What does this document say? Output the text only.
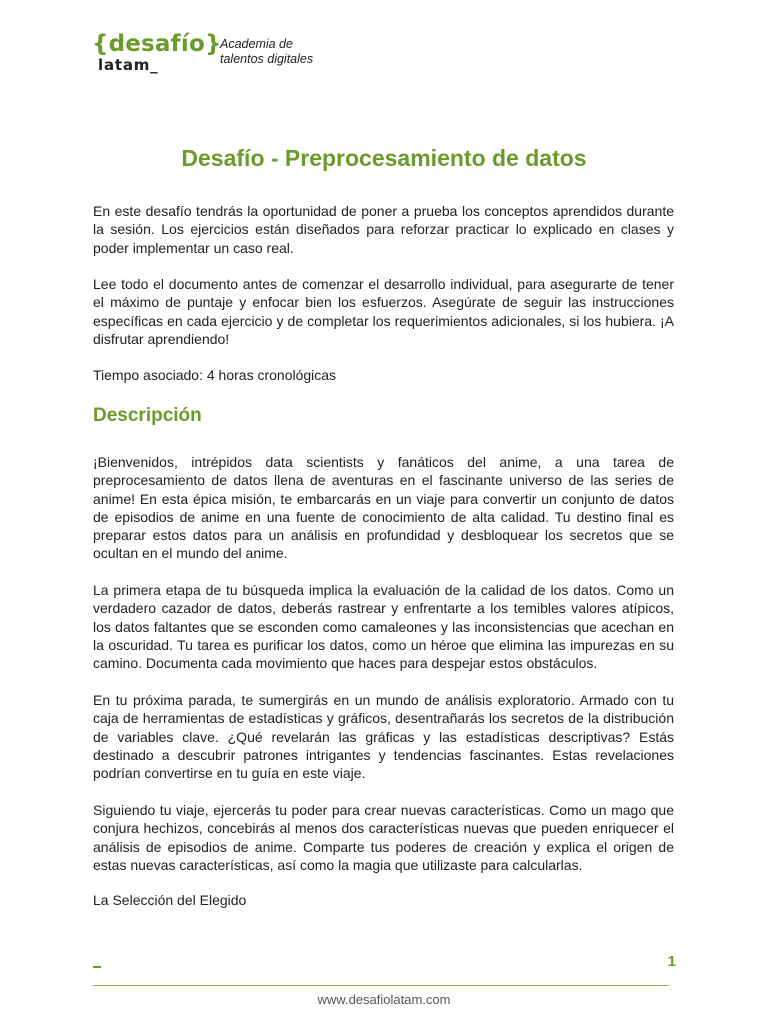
{desafío}
latam_
Academia de
talentos digitales
Desafío - Preprocesamiento de datos

En este desafío tendrás la oportunidad de poner a prueba los conceptos aprendidos durante la sesión. Los ejercicios están diseñados para reforzar practicar lo explicado en clases y poder implementar un caso real.

Lee todo el documento antes de comenzar el desarrollo individual, para asegurarte de tener el máximo de puntaje y enfocar bien los esfuerzos. Asegúrate de seguir las instrucciones específicas en cada ejercicio y de completar los requerimientos adicionales, si los hubiera. ¡A disfrutar aprendiendo!

Tiempo asociado: 4 horas cronológicas

Descripción

¡Bienvenidos, intrépidos data scientists y fanáticos del anime, a una tarea de preprocesamiento de datos llena de aventuras en el fascinante universo de las series de anime! En esta épica misión, te embarcarás en un viaje para convertir un conjunto de datos de episodios de anime en una fuente de conocimiento de alta calidad. Tu destino final es preparar estos datos para un análisis en profundidad y desbloquear los secretos que se ocultan en el mundo del anime.

La primera etapa de tu búsqueda implica la evaluación de la calidad de los datos. Como un verdadero cazador de datos, deberás rastrear y enfrentarte a los temibles valores atípicos, los datos faltantes que se esconden como camaleones y las inconsistencias que acechan en la oscuridad. Tu tarea es purificar los datos, como un héroe que elimina las impurezas en su camino. Documenta cada movimiento que haces para despejar estos obstáculos.

En tu próxima parada, te sumergirás en un mundo de análisis exploratorio. Armado con tu caja de herramientas de estadísticas y gráficos, desentrañarás los secretos de la distribución de variables clave. ¿Qué revelarán las gráficas y las estadísticas descriptivas? Estás destinado a descubrir patrones intrigantes y tendencias fascinantes. Estas revelaciones podrían convertirse en tu guía en este viaje.

Siguiendo tu viaje, ejercerás tu poder para crear nuevas características. Como un mago que conjura hechizos, concebirás al menos dos características nuevas que pueden enriquecer el análisis de episodios de anime. Comparte tus poderes de creación y explica el origen de estas nuevas características, así como la magia que utilizaste para calcularlas.

La Selección del Elegido

1
www.desafiolatam.com
